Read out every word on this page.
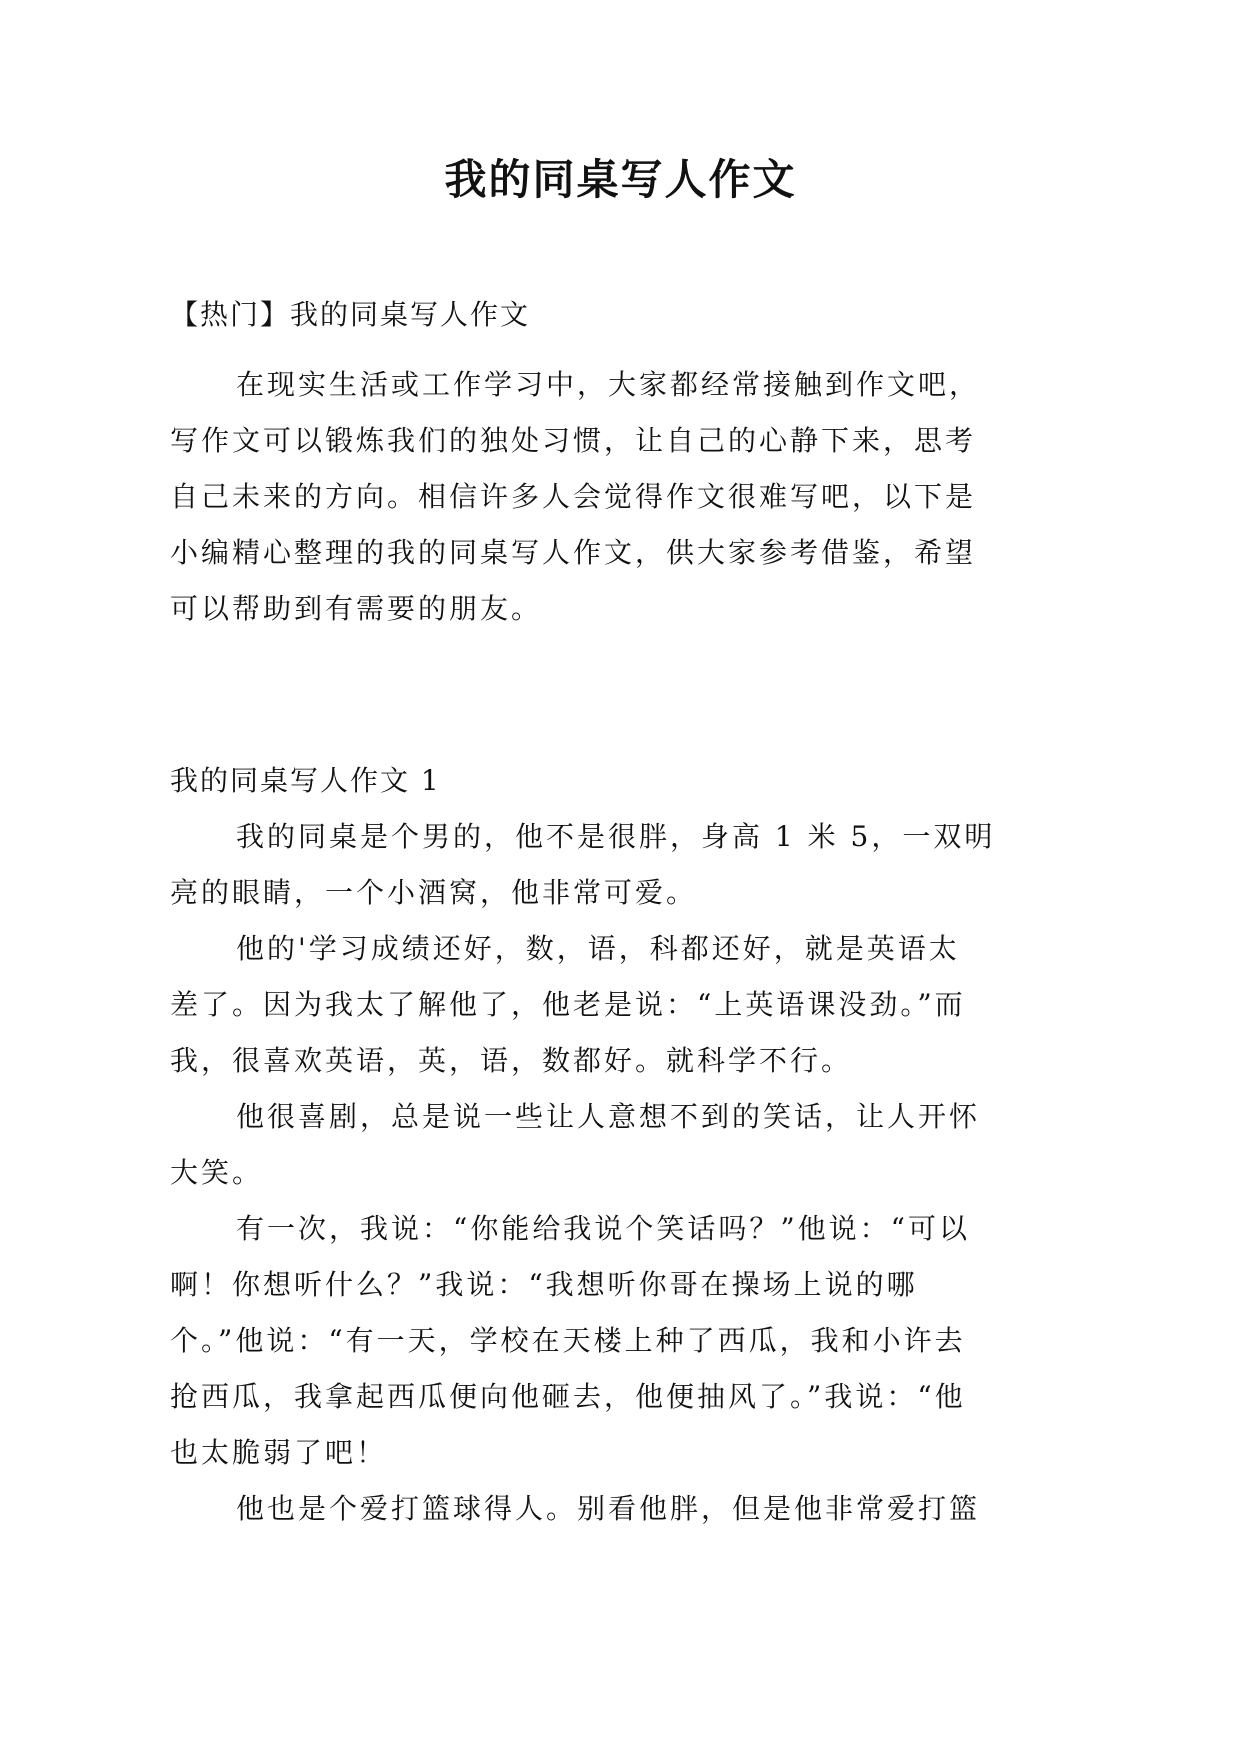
我的同桌写人作文
【热门】我的同桌写人作文
在现实生活或工作学习中，大家都经常接触到作文吧，
写作文可以锻炼我们的独处习惯，让自己的心静下来，思考
自己未来的方向。相信许多人会觉得作文很难写吧，以下是
小编精心整理的我的同桌写人作文，供大家参考借鉴，希望
可以帮助到有需要的朋友。
我的同桌写人作文 1
我的同桌是个男的，他不是很胖，身高 1 米 5，一双明
亮的眼睛，一个小酒窝，他非常可爱。
他的'学习成绩还好，数，语，科都还好，就是英语太
差了。因为我太了解他了，他老是说：“上英语课没劲。”而
我，很喜欢英语，英，语，数都好。就科学不行。
他很喜剧，总是说一些让人意想不到的笑话，让人开怀
大笑。
有一次，我说：“你能给我说个笑话吗？”他说：“可以
啊！你想听什么？”我说：“我想听你哥在操场上说的哪
个。”他说：“有一天，学校在天楼上种了西瓜，我和小许去
抢西瓜，我拿起西瓜便向他砸去，他便抽风了。”我说：“他
也太脆弱了吧！
他也是个爱打篮球得人。别看他胖，但是他非常爱打篮
